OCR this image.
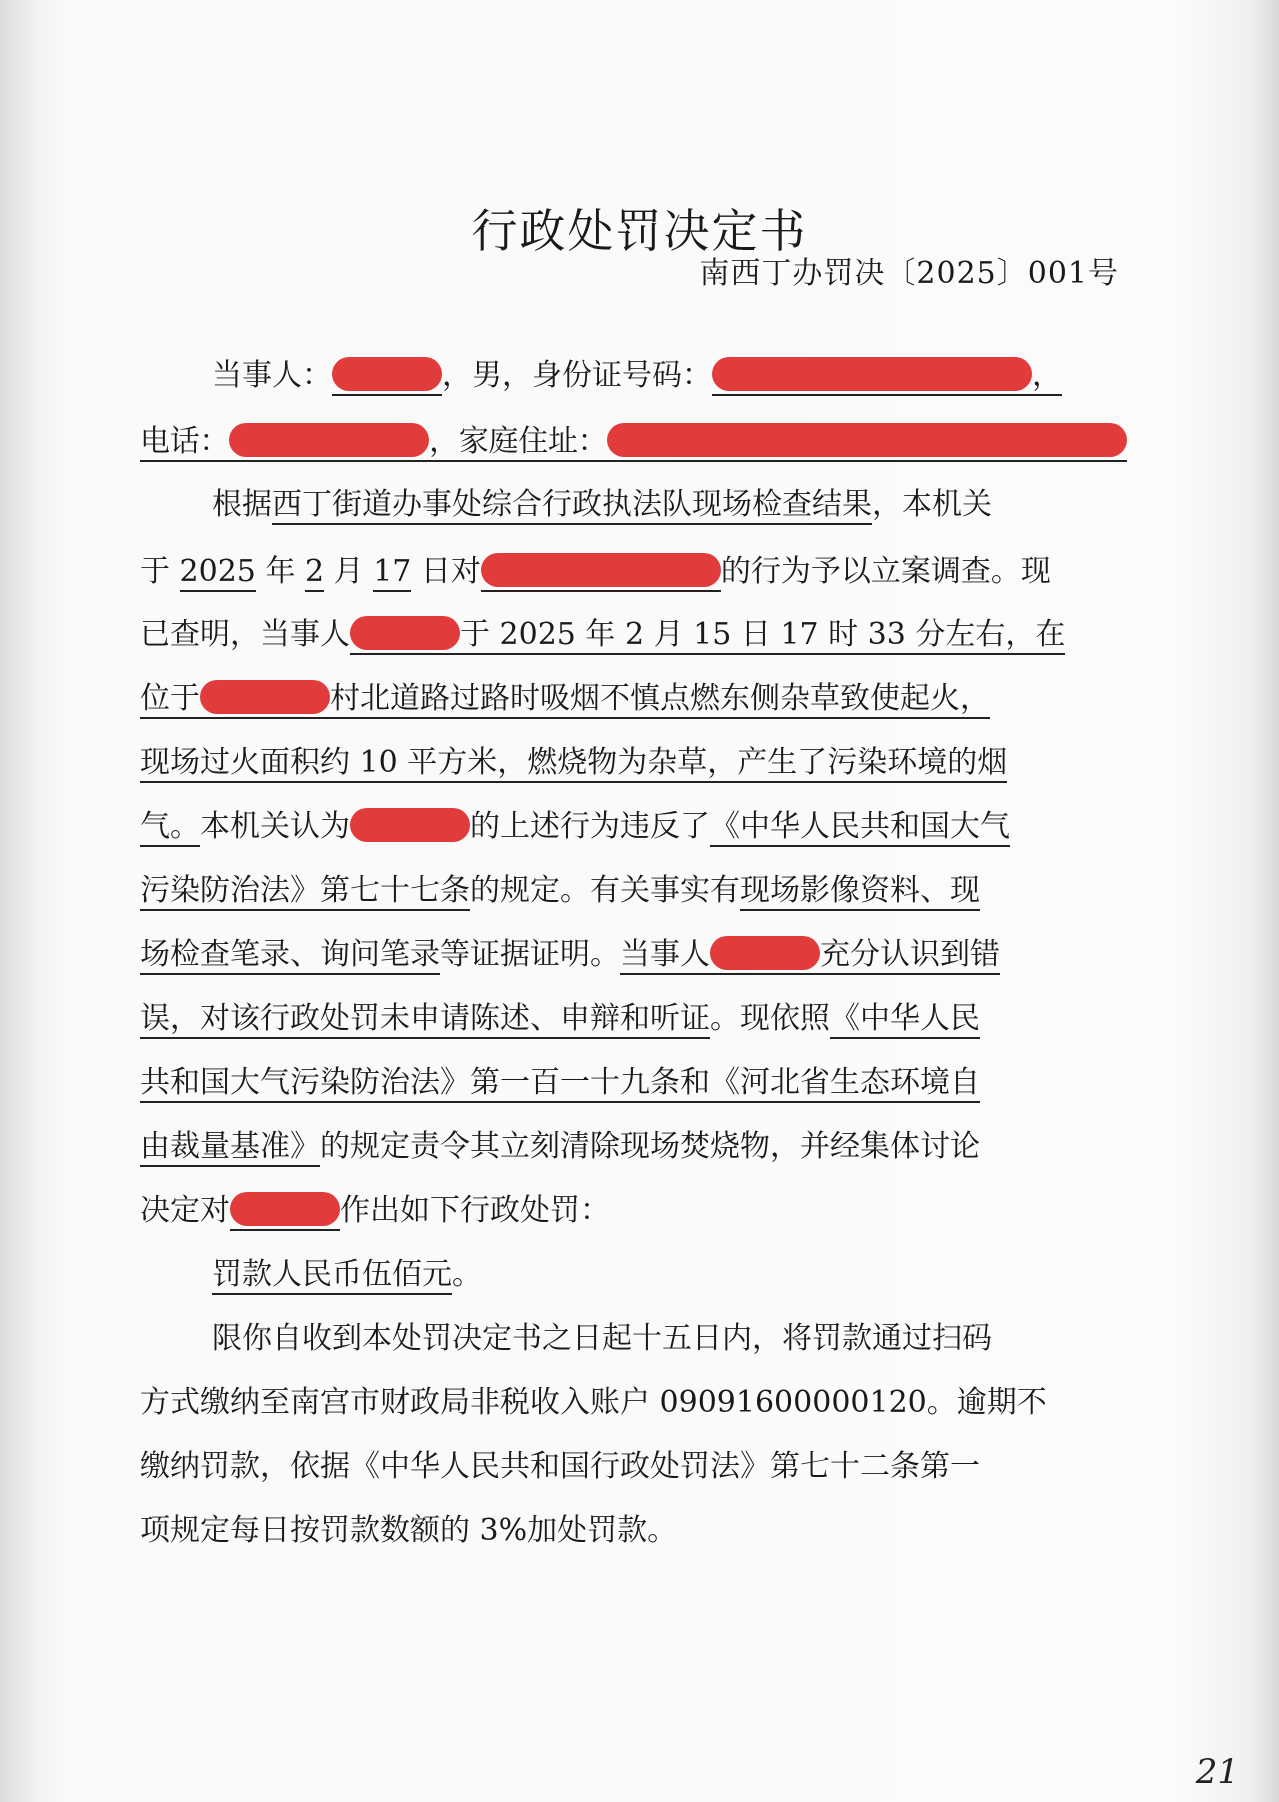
行政处罚决定书
南西丁办罚决〔2025〕001号
当事人：	，男，身份证号码：	，
电话：	，家庭住址：
根据西丁街道办事处综合行政执法队现场检查结果，本机关
于 2025 年 2 月 17 日对	的行为予以立案调查。现
已查明，当事人	于 2025 年 2 月 15 日 17 时 33 分左右，在
位于	村北道路过路时吸烟不慎点燃东侧杂草致使起火，
现场过火面积约 10 平方米，燃烧物为杂草，产生了污染环境的烟
气。本机关认为	的上述行为违反了《中华人民共和国大气
污染防治法》第七十七条的规定。有关事实有现场影像资料、现
场检查笔录、询问笔录等证据证明。当事人	充分认识到错
误，对该行政处罚未申请陈述、申辩和听证。现依照《中华人民
共和国大气污染防治法》第一百一十九条和《河北省生态环境自
由裁量基准》的规定责令其立刻清除现场焚烧物，并经集体讨论
决定对	作出如下行政处罚：
罚款人民币伍佰元。
限你自收到本处罚决定书之日起十五日内，将罚款通过扫码
方式缴纳至南宫市财政局非税收入账户 09091600000120。逾期不
缴纳罚款，依据《中华人民共和国行政处罚法》第七十二条第一
项规定每日按罚款数额的 3%加处罚款。
21
